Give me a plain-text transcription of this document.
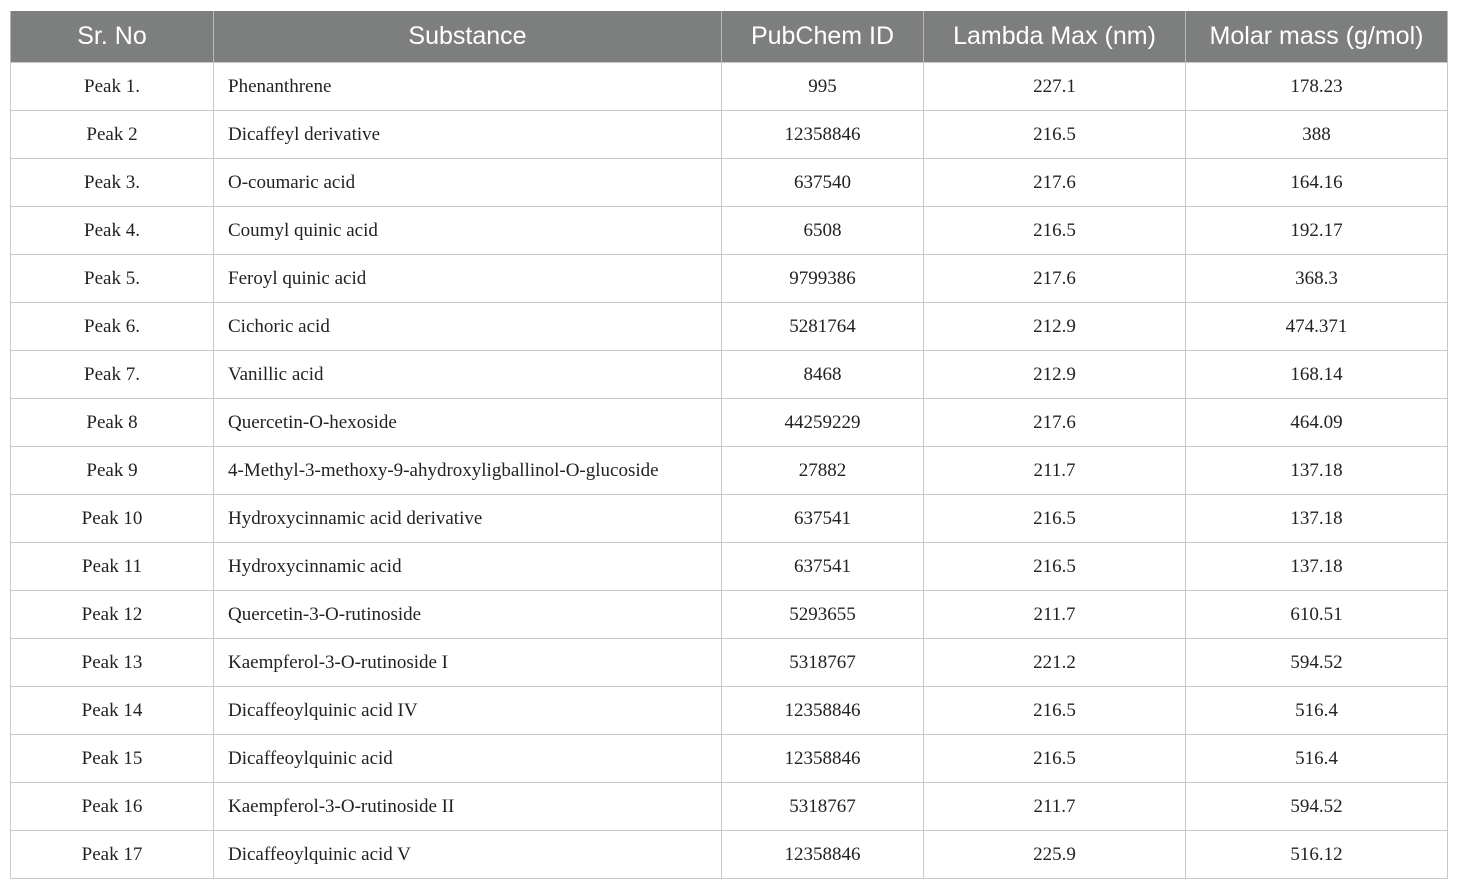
Sr. No	Substance	PubChem ID	Lambda Max (nm)	Molar mass (g/mol)
Peak 1.	Phenanthrene	995	227.1	178.23
Peak 2	Dicaffeyl derivative	12358846	216.5	388
Peak 3.	O-coumaric acid	637540	217.6	164.16
Peak 4.	Coumyl quinic acid	6508	216.5	192.17
Peak 5.	Feroyl quinic acid	9799386	217.6	368.3
Peak 6.	Cichoric acid	5281764	212.9	474.371
Peak 7.	Vanillic acid	8468	212.9	168.14
Peak 8	Quercetin-O-hexoside	44259229	217.6	464.09
Peak 9	4-Methyl-3-methoxy-9-ahydroxyligballinol-O-glucoside	27882	211.7	137.18
Peak 10	Hydroxycinnamic acid derivative	637541	216.5	137.18
Peak 11	Hydroxycinnamic acid	637541	216.5	137.18
Peak 12	Quercetin-3-O-rutinoside	5293655	211.7	610.51
Peak 13	Kaempferol-3-O-rutinoside I	5318767	221.2	594.52
Peak 14	Dicaffeoylquinic acid IV	12358846	216.5	516.4
Peak 15	Dicaffeoylquinic acid	12358846	216.5	516.4
Peak 16	Kaempferol-3-O-rutinoside II	5318767	211.7	594.52
Peak 17	Dicaffeoylquinic acid V	12358846	225.9	516.12
